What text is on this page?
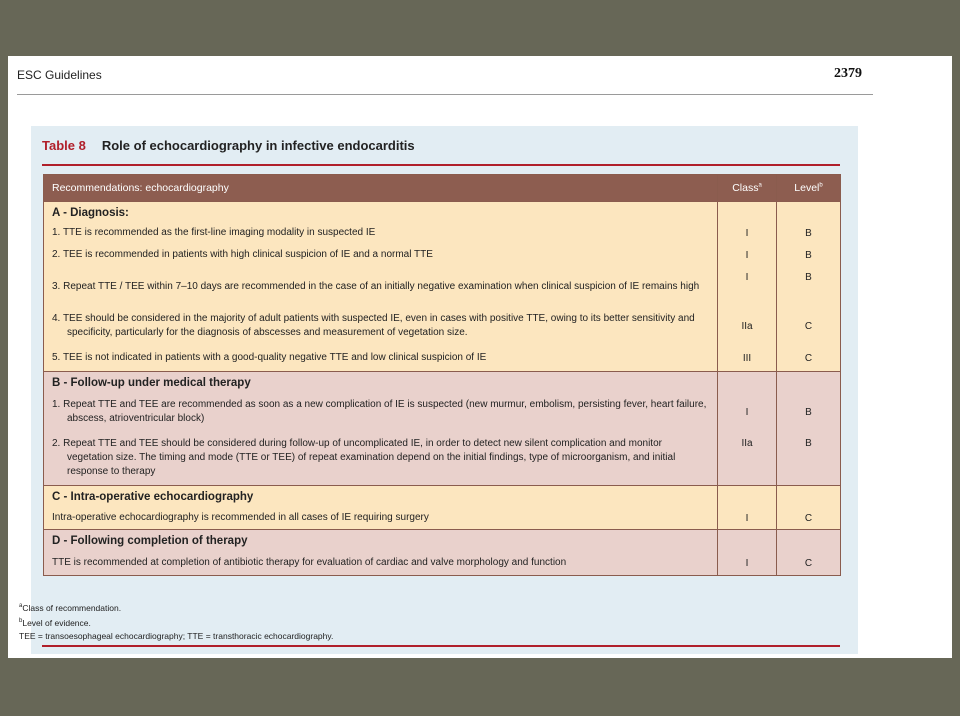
ESC Guidelines	2379
Table 8 Role of echocardiography in infective endocarditis
Recommendations: echocardiography	Class$^a$	Level$^b$
A - Diagnosis:		

1. TTE is recommended as the first-line imaging modality in suspected IE	I	B

2. TEE is recommended in patients with high clinical suspicion of IE and a normal TTE	I	B

3. Repeat TTE / TEE within 7–10 days are recommended in the case of an initially negative examination when clinical suspicion of IE remains high	I	B

4. TEE should be considered in the majority of adult patients with suspected IE, even in cases with positive TTE, owing to its better sensitivity and specificity, particularly for the diagnosis of abscesses and measurement of vegetation size.	IIa	C

5. TEE is not indicated in patients with a good-quality negative TTE and low clinical suspicion of IE	III	C
B - Follow-up under medical therapy		

1. Repeat TTE and TEE are recommended as soon as a new complication of IE is suspected (new murmur, embolism, persisting fever, heart failure, abscess, atrioventricular block)	I	B

2. Repeat TTE and TEE should be considered during follow-up of uncomplicated IE, in order to detect new silent complication and monitor vegetation size. The timing and mode (TTE or TEE) of repeat examination depend on the initial findings, type of microorganism, and initial response to therapy	IIa	B
C - Intra-operative echocardiography		

Intra-operative echocardiography is recommended in all cases of IE requiring surgery	I	C
D - Following completion of therapy		

TTE is recommended at completion of antibiotic therapy for evaluation of cardiac and valve morphology and function	I	C
$^a$Class of recommendation.
$^b$Level of evidence.
TEE = transoesophageal echocardiography; TTE = transthoracic echocardiography.
